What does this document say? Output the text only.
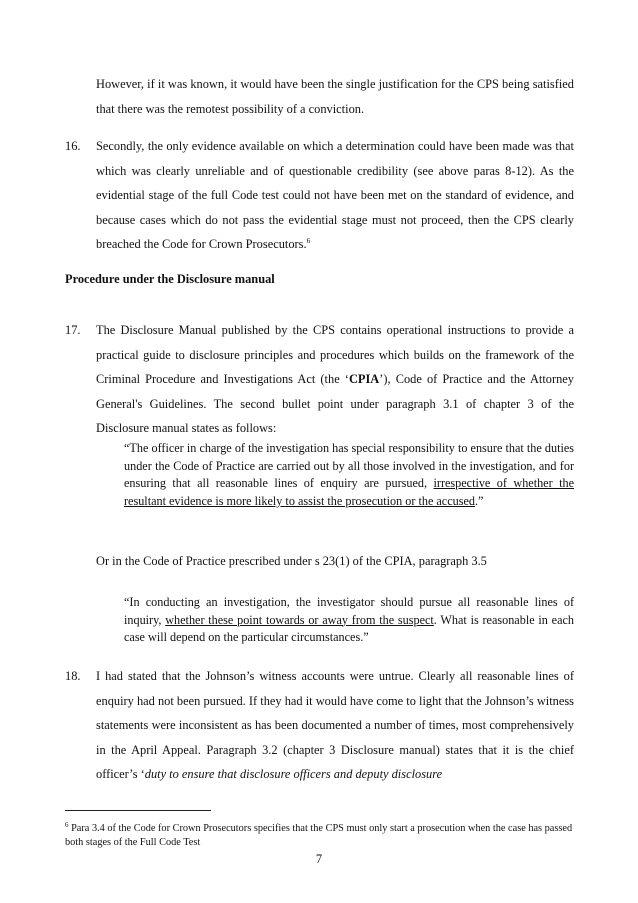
However, if it was known, it would have been the single justification for the CPS being satisfied that there was the remotest possibility of a conviction.

16. Secondly, the only evidence available on which a determination could have been made was that which was clearly unreliable and of questionable credibility (see above paras 8-12). As the evidential stage of the full Code test could not have been met on the standard of evidence, and because cases which do not pass the evidential stage must not proceed, then the CPS clearly breached the Code for Crown Prosecutors.$^6$

Procedure under the Disclosure manual

17. The Disclosure Manual published by the CPS contains operational instructions to provide a practical guide to disclosure principles and procedures which builds on the framework of the Criminal Procedure and Investigations Act (the ‘CPIA’), Code of Practice and the Attorney General's Guidelines. The second bullet point under paragraph 3.1 of chapter 3 of the Disclosure manual states as follows:

“The officer in charge of the investigation has special responsibility to ensure that the duties under the Code of Practice are carried out by all those involved in the investigation, and for ensuring that all reasonable lines of enquiry are pursued, irrespective of whether the resultant evidence is more likely to assist the prosecution or the accused.”

Or in the Code of Practice prescribed under s 23(1) of the CPIA, paragraph 3.5

“In conducting an investigation, the investigator should pursue all reasonable lines of inquiry, whether these point towards or away from the suspect. What is reasonable in each case will depend on the particular circumstances.”

18. I had stated that the Johnson’s witness accounts were untrue. Clearly all reasonable lines of enquiry had not been pursued. If they had it would have come to light that the Johnson’s witness statements were inconsistent as has been documented a number of times, most comprehensively in the April Appeal. Paragraph 3.2 (chapter 3 Disclosure manual) states that it is the chief officer’s ‘duty to ensure that disclosure officers and deputy disclosure

$^6$ Para 3.4 of the Code for Crown Prosecutors specifies that the CPS must only start a prosecution when the case has passed both stages of the Full Code Test

7
